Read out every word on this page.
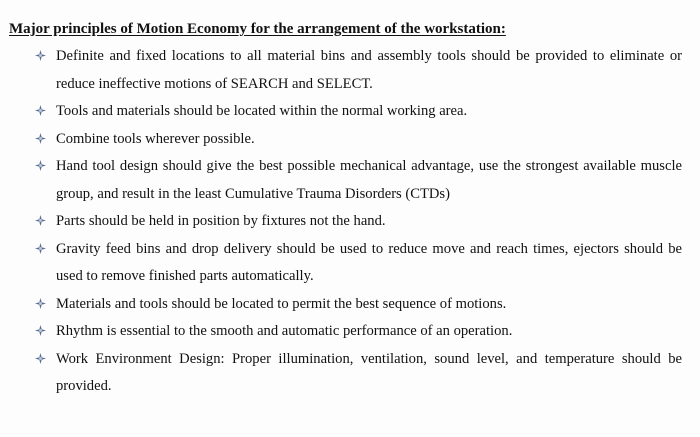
Major principles of Motion Economy for the arrangement of the workstation:
Definite and fixed locations to all material bins and assembly tools should be provided to eliminate or reduce ineffective motions of SEARCH and SELECT.
Tools and materials should be located within the normal working area.
Combine tools wherever possible.
Hand tool design should give the best possible mechanical advantage, use the strongest available muscle group, and result in the least Cumulative Trauma Disorders (CTDs)
Parts should be held in position by fixtures not the hand.
Gravity feed bins and drop delivery should be used to reduce move and reach times, ejectors should be used to remove finished parts automatically.
Materials and tools should be located to permit the best sequence of motions.
Rhythm is essential to the smooth and automatic performance of an operation.
Work Environment Design: Proper illumination, ventilation, sound level, and temperature should be provided.
